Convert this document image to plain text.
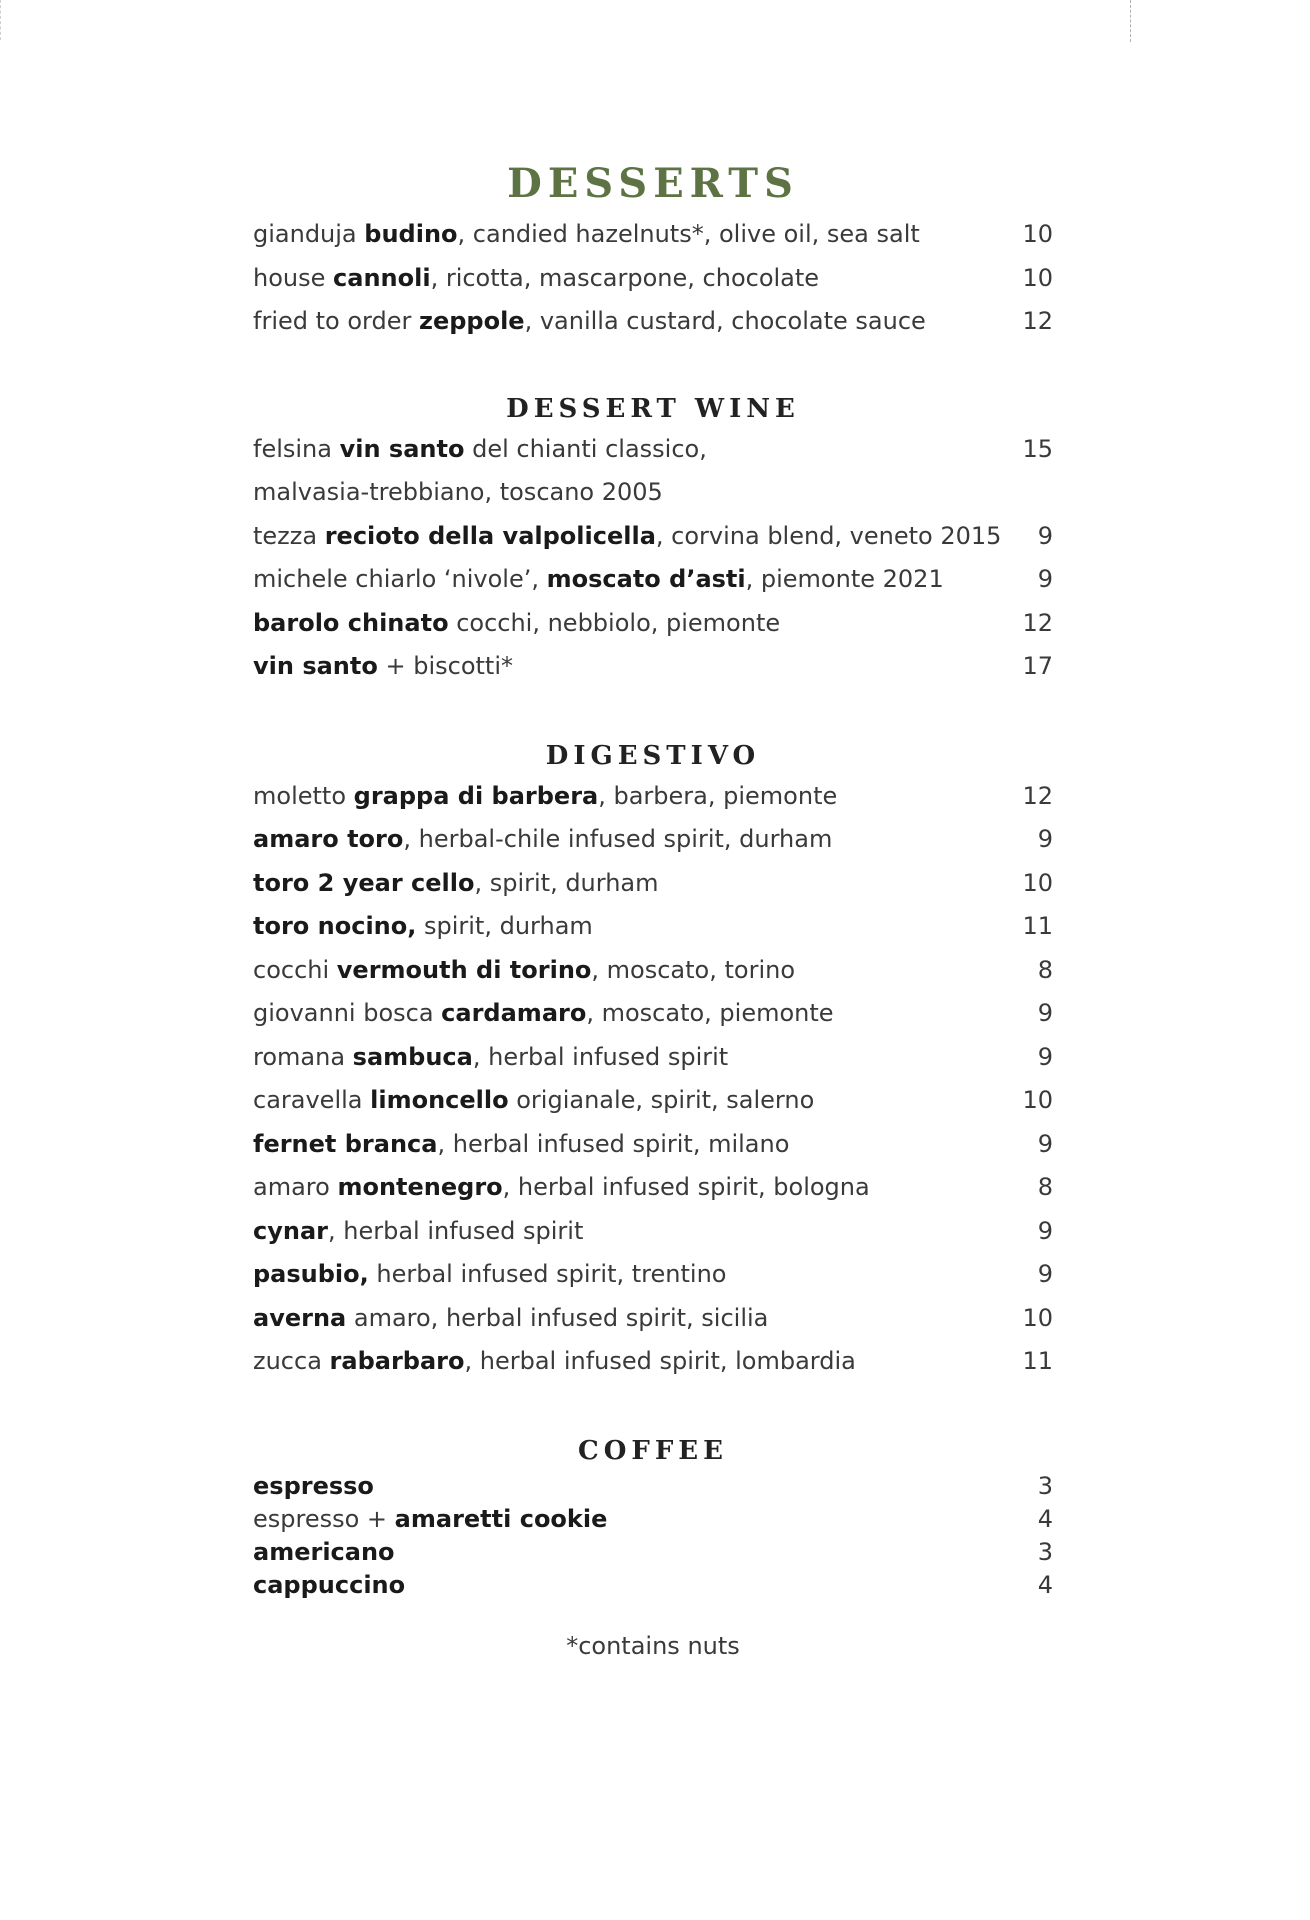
DESSERTS
gianduja budino, candied hazelnuts*, olive oil, sea salt	10
house cannoli, ricotta, mascarpone, chocolate	10
fried to order zeppole, vanilla custard, chocolate sauce	12
DESSERT WINE
felsina vin santo del chianti classico,	15
malvasia-trebbiano, toscano 2005
tezza recioto della valpolicella, corvina blend, veneto 2015	9
michele chiarlo ‘nivole’, moscato d’asti, piemonte 2021	9
barolo chinato cocchi, nebbiolo, piemonte	12
vin santo + biscotti*	17
DIGESTIVO
moletto grappa di barbera, barbera, piemonte	12
amaro toro, herbal-chile infused spirit, durham	9
toro 2 year cello, spirit, durham	10
toro nocino, spirit, durham	11
cocchi vermouth di torino, moscato, torino	8
giovanni bosca cardamaro, moscato, piemonte	9
romana sambuca, herbal infused spirit	9
caravella limoncello origianale, spirit, salerno	10
fernet branca, herbal infused spirit, milano	9
amaro montenegro, herbal infused spirit, bologna	8
cynar, herbal infused spirit	9
pasubio, herbal infused spirit, trentino	9
averna amaro, herbal infused spirit, sicilia	10
zucca rabarbaro, herbal infused spirit, lombardia	11
COFFEE
espresso	3
espresso + amaretti cookie	4
americano	3
cappuccino	4
*contains nuts
